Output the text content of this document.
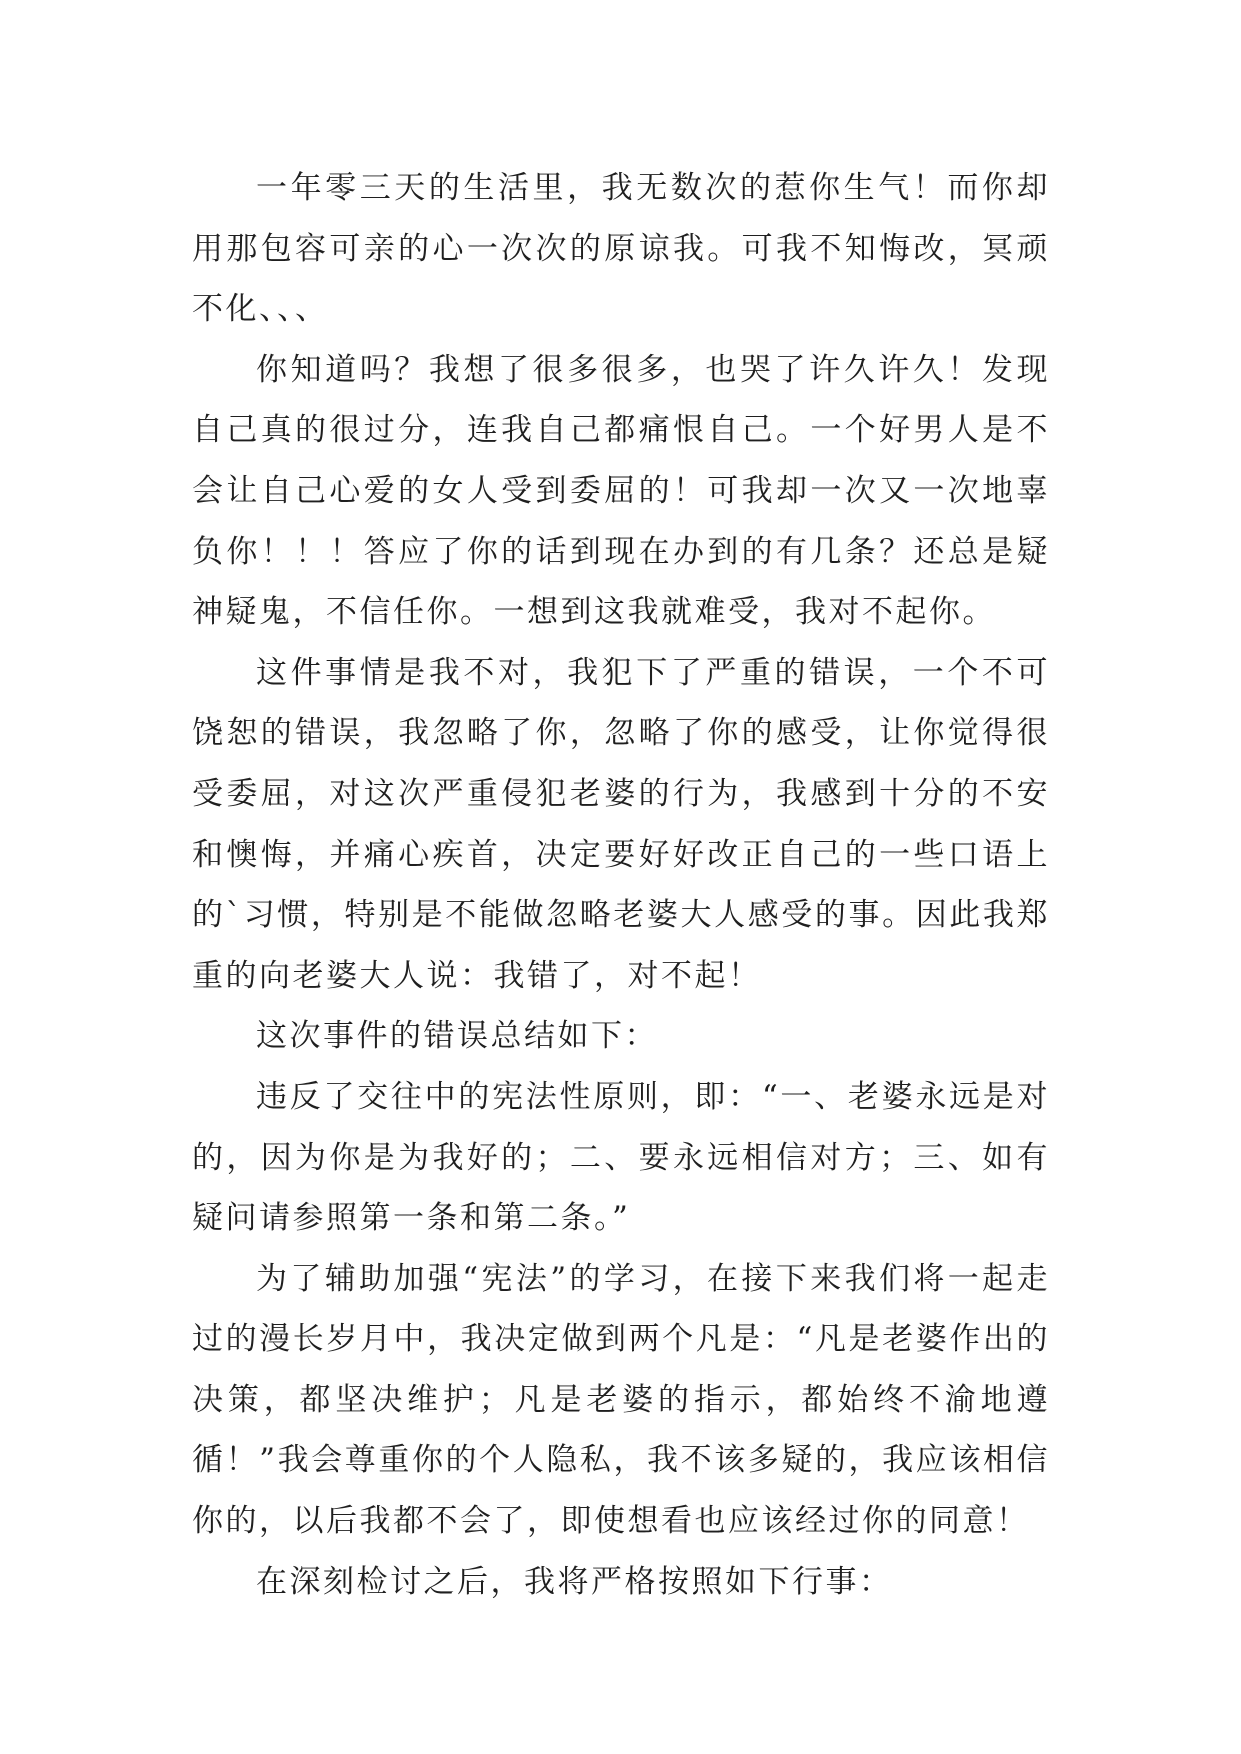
一年零三天的生活里，我无数次的惹你生气！而你却用那包容可亲的心一次次的原谅我。可我不知悔改，冥顽不化、、、

你知道吗？我想了很多很多，也哭了许久许久！发现自己真的很过分，连我自己都痛恨自己。一个好男人是不会让自己心爱的女人受到委屈的！可我却一次又一次地辜负你！！！答应了你的话到现在办到的有几条？还总是疑神疑鬼，不信任你。一想到这我就难受，我对不起你。

这件事情是我不对，我犯下了严重的错误，一个不可饶恕的错误，我忽略了你，忽略了你的感受，让你觉得很受委屈，对这次严重侵犯老婆的行为，我感到十分的不安和懊悔，并痛心疾首，决定要好好改正自己的一些口语上的`习惯，特别是不能做忽略老婆大人感受的事。因此我郑重的向老婆大人说：我错了，对不起！

这次事件的错误总结如下：

违反了交往中的宪法性原则，即：“一、老婆永远是对的，因为你是为我好的；二、要永远相信对方；三、如有疑问请参照第一条和第二条。”

为了辅助加强“宪法”的学习，在接下来我们将一起走过的漫长岁月中，我决定做到两个凡是：“凡是老婆作出的决策，都坚决维护；凡是老婆的指示，都始终不渝地遵循！”我会尊重你的个人隐私，我不该多疑的，我应该相信你的，以后我都不会了，即使想看也应该经过你的同意！

在深刻检讨之后，我将严格按照如下行事：
